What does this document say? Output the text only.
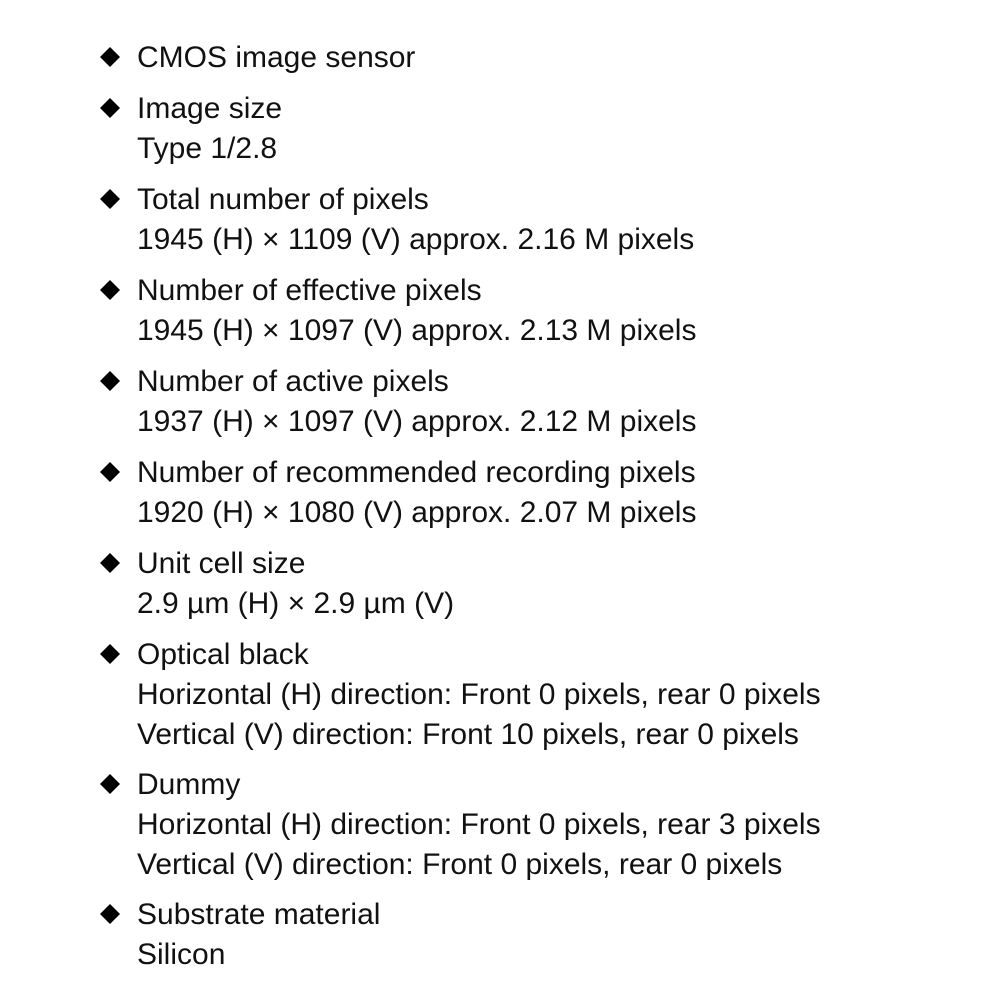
CMOS image sensor
Image size
Type 1/2.8
Total number of pixels
1945 (H) × 1109 (V) approx. 2.16 M pixels
Number of effective pixels
1945 (H) × 1097 (V) approx. 2.13 M pixels
Number of active pixels
1937 (H) × 1097 (V) approx. 2.12 M pixels
Number of recommended recording pixels
1920 (H) × 1080 (V) approx. 2.07 M pixels
Unit cell size
2.9 µm (H) × 2.9 µm (V)
Optical black
Horizontal (H) direction: Front 0 pixels, rear 0 pixels
Vertical (V) direction: Front 10 pixels, rear 0 pixels
Dummy
Horizontal (H) direction: Front 0 pixels, rear 3 pixels
Vertical (V) direction: Front 0 pixels, rear 0 pixels
Substrate material
Silicon
